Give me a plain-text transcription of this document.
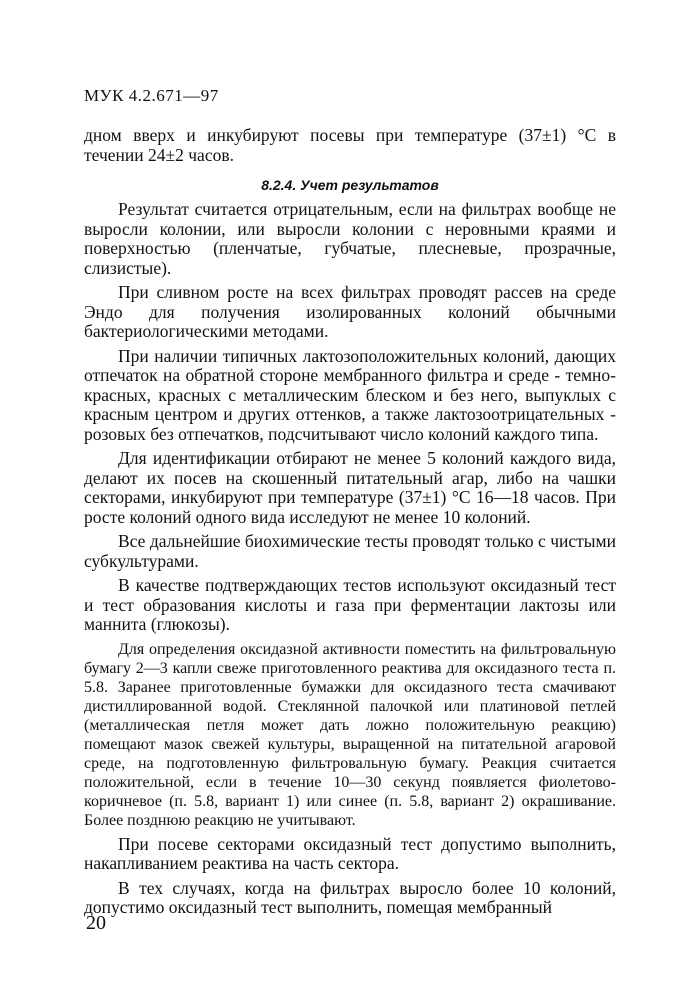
МУК 4.2.671—97

дном вверх и инкубируют посевы при температуре (37±1) °С в течении 24±2 часов.

8.2.4. Учет результатов

Результат считается отрицательным, если на фильтрах вообще не выросли колонии, или выросли колонии с неровными краями и поверхностью (пленчатые, губчатые, плесневые, прозрачные, слизистые).

При сливном росте на всех фильтрах проводят рассев на среде Эндо для получения изолированных колоний обычными бактериологическими методами.

При наличии типичных лактозоположительных колоний, дающих отпечаток на обратной стороне мембранного фильтра и среде - темно-красных, красных с металлическим блеском и без него, выпуклых с красным центром и других оттенков, а также лактозоотрицательных - розовых без отпечатков, подсчитывают число колоний каждого типа.

Для идентификации отбирают не менее 5 колоний каждого вида, делают их посев на скошенный питательный агар, либо на чашки секторами, инкубируют при температуре (37±1) °С 16—18 часов. При росте колоний одного вида исследуют не менее 10 колоний.

Все дальнейшие биохимические тесты проводят только с чистыми субкультурами.

В качестве подтверждающих тестов используют оксидазный тест и тест образования кислоты и газа при ферментации лактозы или маннита (глюкозы).

Для определения оксидазной активности поместить на фильтровальную бумагу 2—3 капли свеже приготовленного реактива для оксидазного теста п. 5.8. Заранее приготовленные бумажки для оксидазного теста смачивают дистиллированной водой. Стеклянной палочкой или платиновой петлей (металлическая петля может дать ложно положительную реакцию) помещают мазок свежей культуры, выращенной на питательной агаровой среде, на подготовленную фильтровальную бумагу. Реакция считается положительной, если в течение 10—30 секунд появляется фиолетово-коричневое (п. 5.8, вариант 1) или синее (п. 5.8, вариант 2) окрашивание. Более позднюю реакцию не учитывают.

При посеве секторами оксидазный тест допустимо выполнить, накапливанием реактива на часть сектора.

В тех случаях, когда на фильтрах выросло более 10 колоний, допустимо оксидазный тест выполнить, помещая мембранный

20
